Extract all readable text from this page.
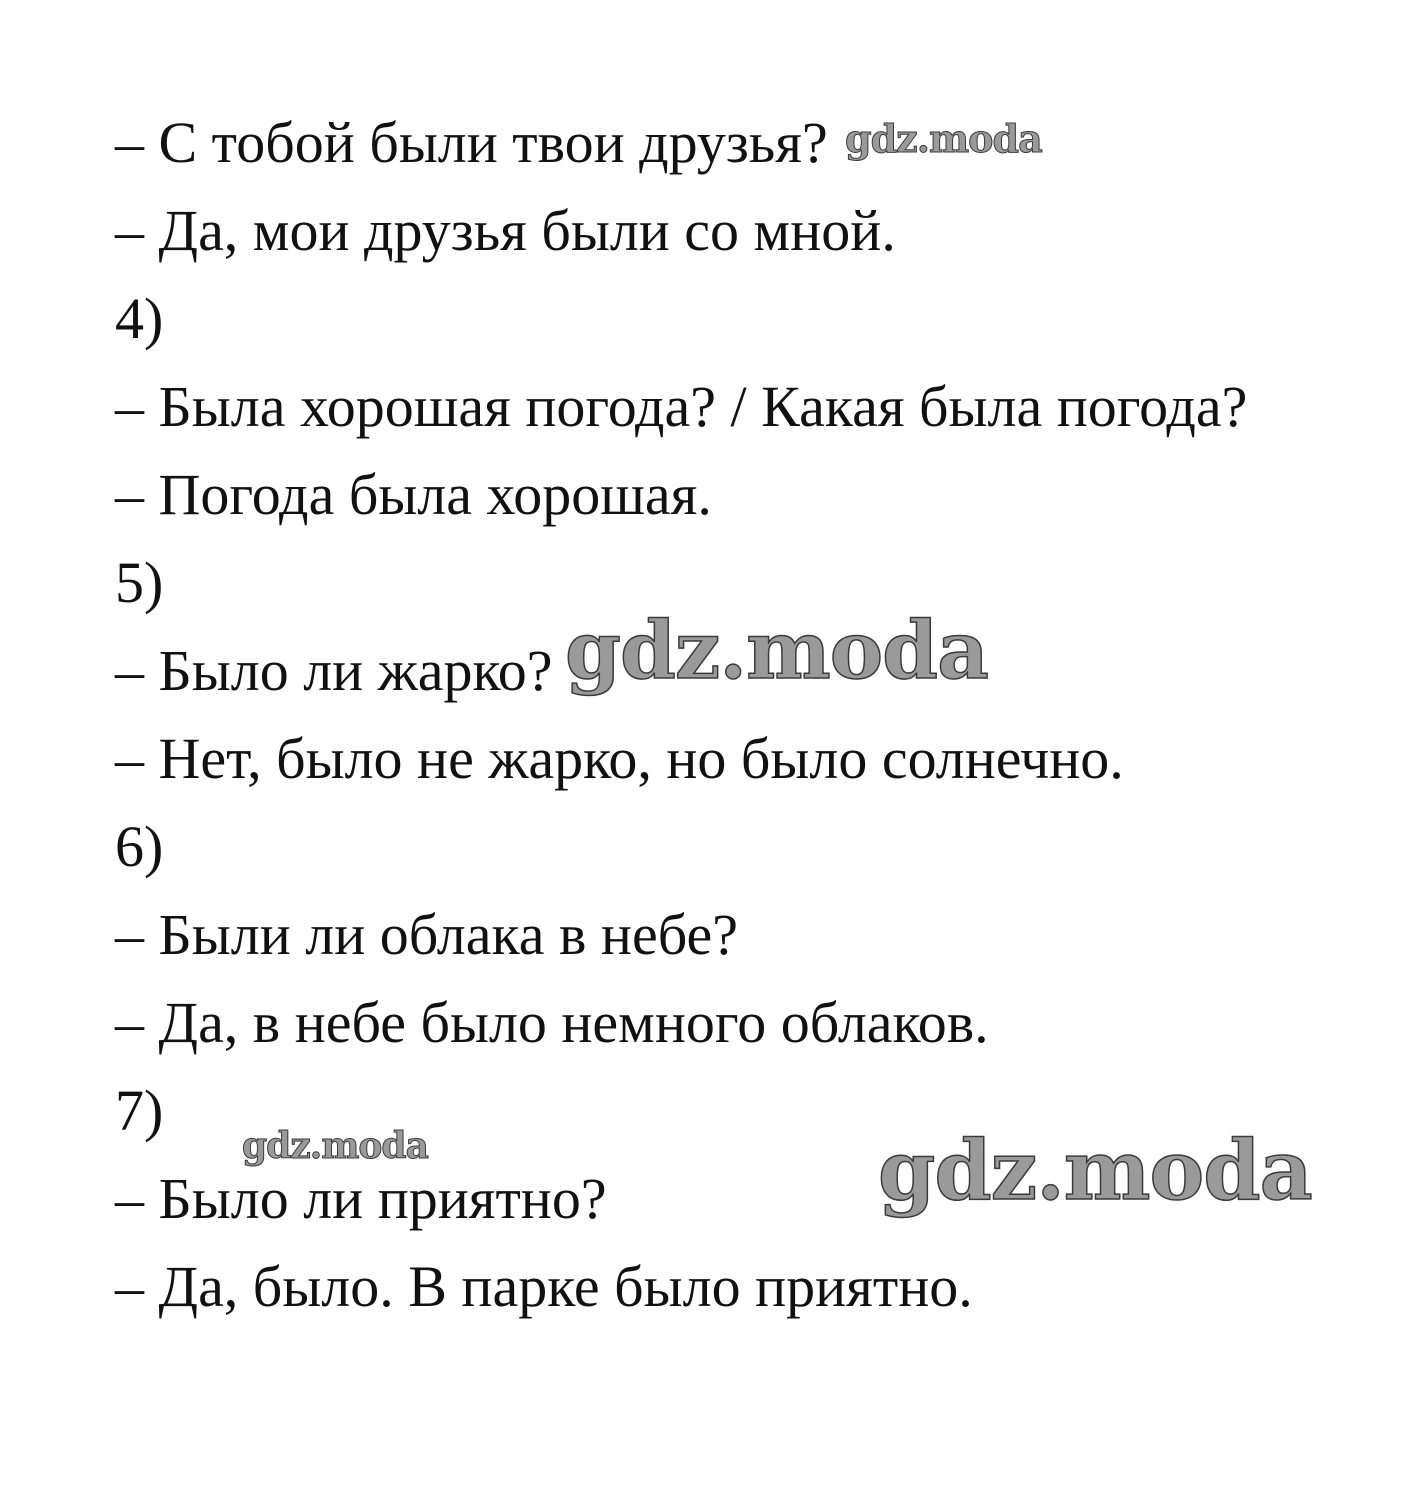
– С тобой были твои друзья?
– Да, мои друзья были со мной.
4)
– Была хорошая погода? / Какая была погода?
– Погода была хорошая.
5)
– Было ли жарко?
– Нет, было не жарко, но было солнечно.
6)
– Были ли облака в небе?
– Да, в небе было немного облаков.
7)
– Было ли приятно?
– Да, было. В парке было приятно.
gdz.moda
gdz.moda
gdz.moda	gdz.moda
